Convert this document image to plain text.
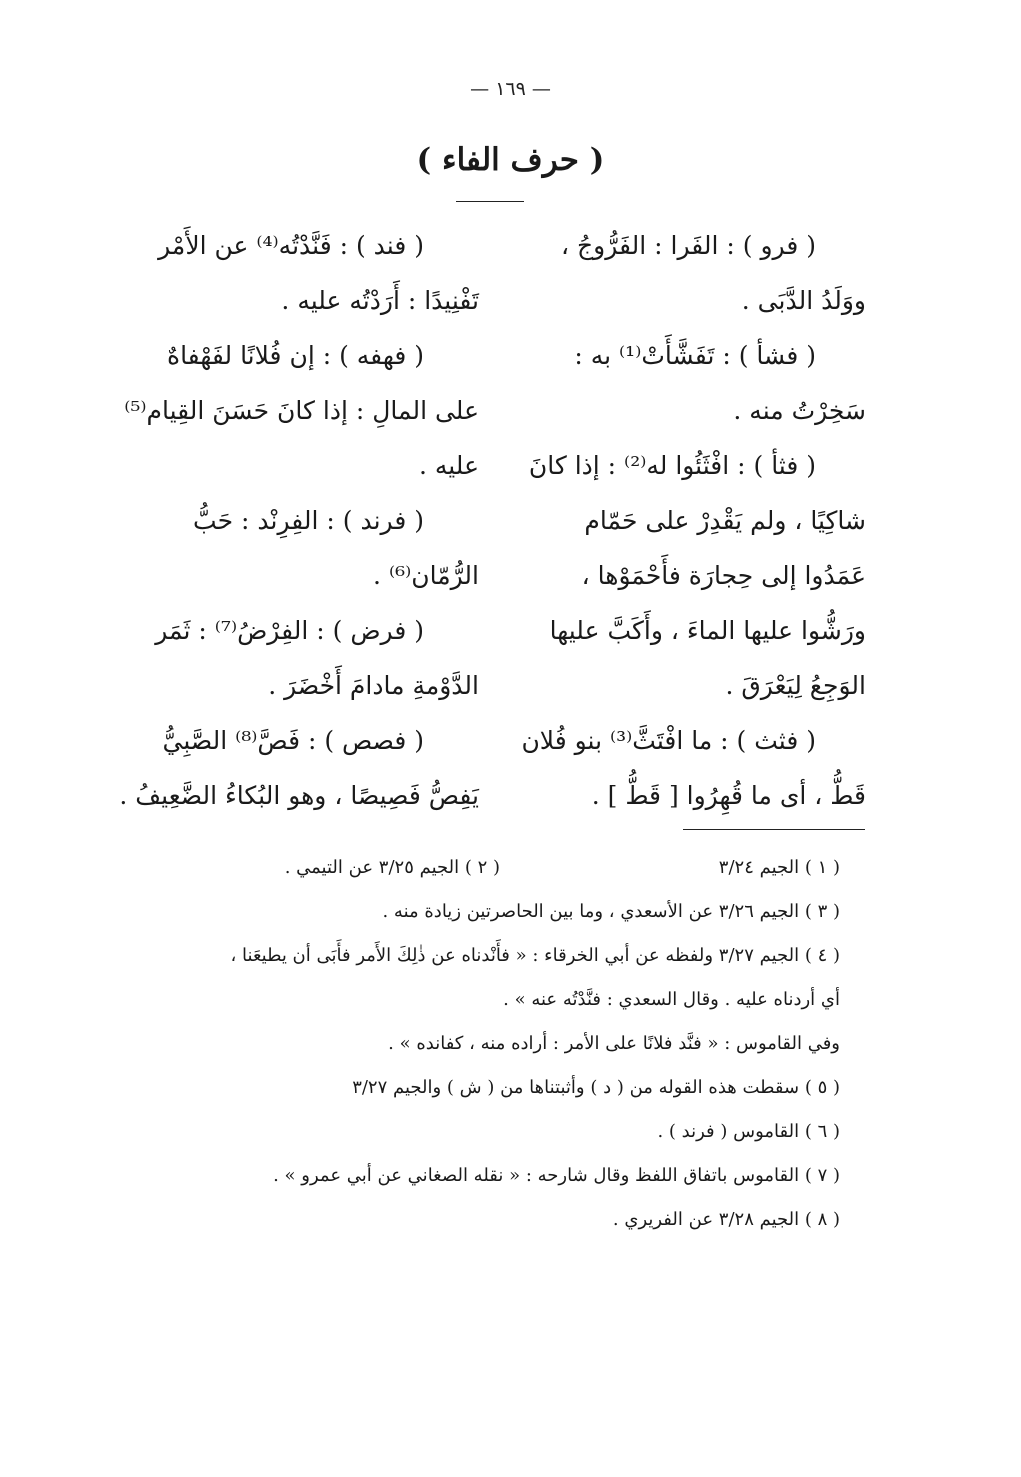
— ١٦٩ —
( حرف الفاء )
( فرو ) : الفَرا : الفَرُّوجُ ،
ووَلَدُ الدَّبَى .
( فشأ ) : تَفَشَّأَتْ⁽¹⁾ به :
سَخِرْتُ منه .
( فثأ ) : افْثَئُوا له⁽²⁾ : إذا كانَ
شاكِيًا ، ولم يَقْدِرْ على حَمّام
عَمَدُوا إلى حِجارَة فأَحْمَوْها ،
ورَشُّوا عليها الماءَ ، وأَكَبَّ عليها
الوَجِعُ لِيَعْرَقَ .
( فثث ) : ما افْتَثَّ⁽³⁾ بنو فُلان
قَطُّ ، أى ما قُهِرُوا [ قَطُّ ] .
( فند ) : فَنَّدْتُه⁽⁴⁾ عن الأَمْر
تَفْنِيدًا : أَرَدْتُه عليه .
( فهفه ) : إن فُلانًا لفَهْفاهٌ
على المالِ : إذا كانَ حَسَنَ القِيام⁽⁵⁾
عليه .
( فرند ) : الفِرِنْد : حَبُّ
الرُّمّان⁽⁶⁾ .
( فرض ) : الفِرْضُ⁽⁷⁾ : ثَمَر
الدَّوْمةِ مادامَ أَخْضَرَ .
( فصص ) : فَصَّ⁽⁸⁾ الصَّبِيُّ
يَفِصُّ فَصِيصًا ، وهو البُكاءُ الضَّعِيفُ .
( ١ ) الجيم ٣/٢٤
( ٢ ) الجيم ٣/٢٥ عن التيمي .
( ٣ ) الجيم ٣/٢٦ عن الأسعدي ، وما بين الحاصرتين زيادة منه .
( ٤ ) الجيم ٣/٢٧ ولفظه عن أبي الخرقاء : « فأَنْدناه عن ذٰلِكَ الأَمر فأَبَى أن يطيعَنا ،
أي أردناه عليه . وقال السعدي : فنَّدْتُه عنه » .
وفي القاموس : « فنَّد فلانًا على الأمر : أراده منه ، كفانده » .
( ٥ ) سقطت هذه القوله من ( د ) وأثبتناها من ( ش ) والجيم ٣/٢٧
( ٦ ) القاموس ( فرند ) .
( ٧ ) القاموس باتفاق اللفظ وقال شارحه : « نقله الصغاني عن أبي عمرو » .
( ٨ ) الجيم ٣/٢٨ عن الفريري .
